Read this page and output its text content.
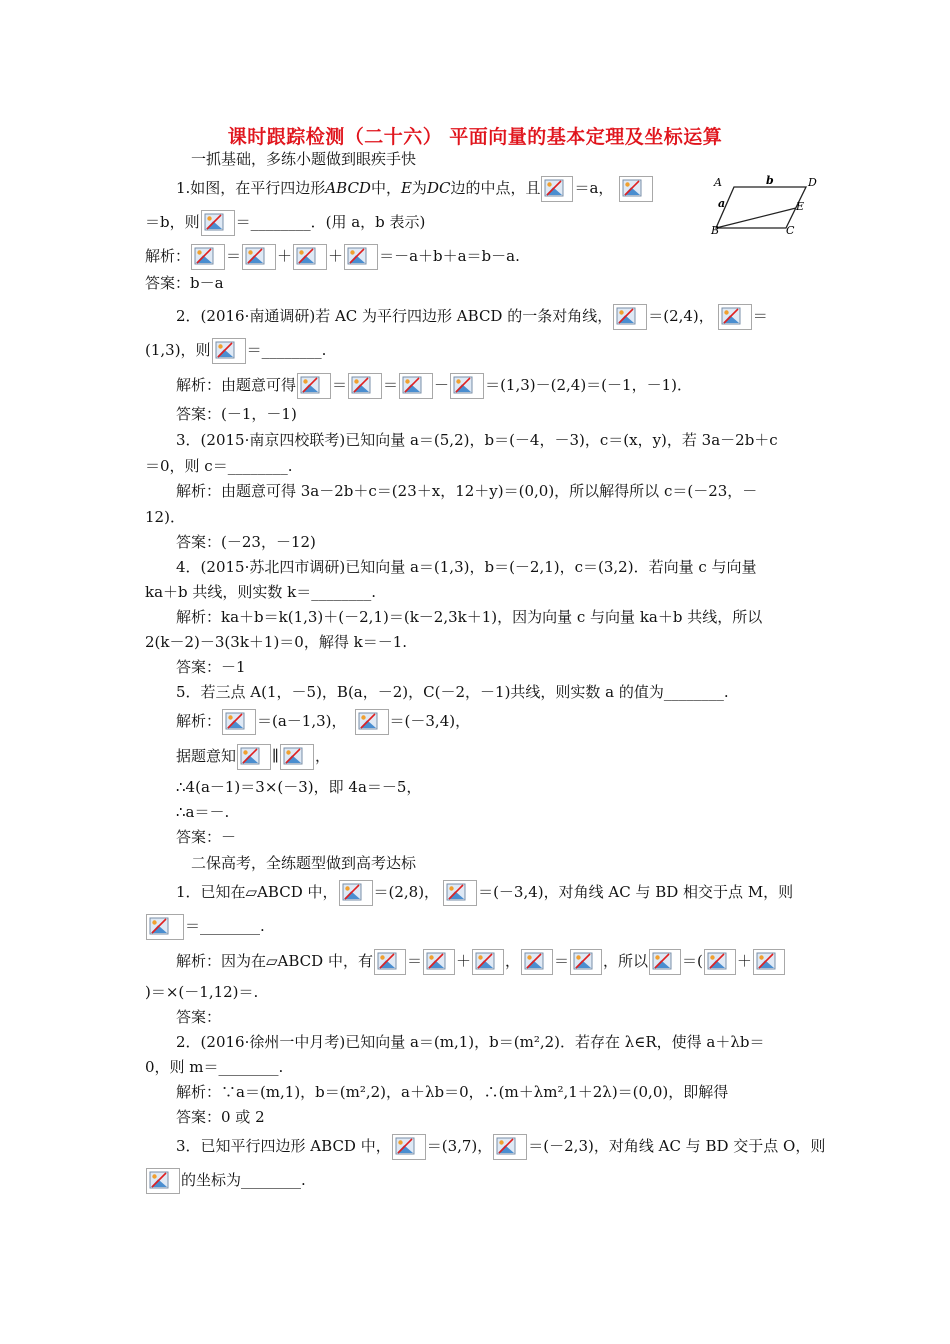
课时跟踪检测（二十六） 平面向量的基本定理及坐标运算
一抓基础，多练小题做到眼疾手快
1.如图，在平行四边形ABCD中，E为DC边的中点，且 ＝a，
＝b，则 ＝________．(用 a，b 表示)
A	D
B	C
E
b
a
解析： ＝ ＋ ＋ ＝－a＋b＋a＝b－a.
答案：b－a
2．(2016·南通调研)若 AC 为平行四边形 ABCD 的一条对角线， ＝(2,4)，	＝
(1,3)，则 ＝________.
解析：由题意可得 ＝ ＝ － ＝(1,3)－(2,4)＝(－1，－1)．
答案：(－1，－1)
3．(2015·南京四校联考)已知向量 a＝(5,2)，b＝(－4，－3)，c＝(x，y)，若 3a－2b＋c
＝0，则 c＝________.
解析：由题意可得 3a－2b＋c＝(23＋x，12＋y)＝(0,0)，所以解得所以 c＝(－23，－
12)．
答案：(－23，－12)
4．(2015·苏北四市调研)已知向量 a＝(1,3)，b＝(－2,1)，c＝(3,2)．若向量 c 与向量
ka＋b 共线，则实数 k＝________.
解析：ka＋b＝k(1,3)＋(－2,1)＝(k－2,3k＋1)，因为向量 c 与向量 ka＋b 共线，所以
2(k－2)－3(3k＋1)＝0，解得 k＝－1.
答案：－1
5．若三点 A(1，－5)，B(a，－2)，C(－2，－1)共线，则实数 a 的值为________.
解析： ＝(a－1,3)，	＝(－3,4)，
据题意知 ∥ ，
∴4(a－1)＝3×(－3)，即 4a＝－5，
∴a＝－.
答案：－
二保高考，全练题型做到高考达标
1．已知在▱ABCD 中， ＝(2,8)，	＝(－3,4)，对角线 AC 与 BD 相交于点 M，则
＝________.
解析：因为在▱ABCD 中，有 ＝ ＋ ， ＝ ，所以 ＝( ＋
)＝×(－1,12)＝.
答案：
2．(2016·徐州一中月考)已知向量 a＝(m,1)，b＝(m²,2)．若存在 λ∈R，使得 a＋λb＝
0，则 m＝________.
解析：∵a＝(m,1)，b＝(m²,2)，a＋λb＝0，∴(m＋λm²,1＋2λ)＝(0,0)，即解得
答案：0 或 2
3．已知平行四边形 ABCD 中， ＝(3,7)， ＝(－2,3)，对角线 AC 与 BD 交于点 O，则
的坐标为________.
